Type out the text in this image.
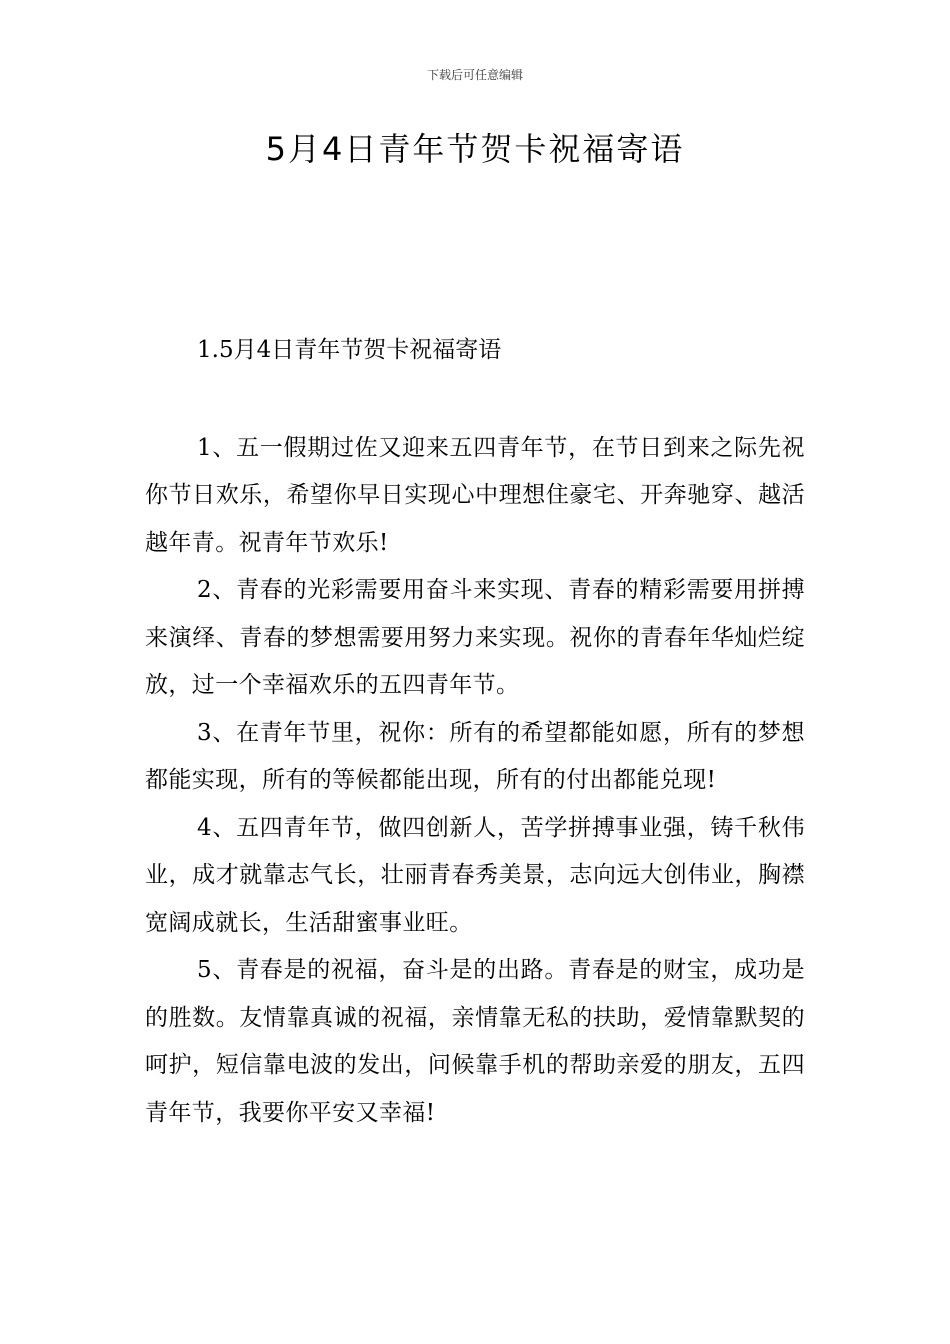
下载后可任意编辑
5月4日青年节贺卡祝福寄语
1.5月4日青年节贺卡祝福寄语

1、五一假期过佐又迎来五四青年节，在节日到来之际先祝你节日欢乐，希望你早日实现心中理想住豪宅、开奔驰穿、越活越年青。祝青年节欢乐!

2、青春的光彩需要用奋斗来实现、青春的精彩需要用拼搏来演绎、青春的梦想需要用努力来实现。祝你的青春年华灿烂绽放，过一个幸福欢乐的五四青年节。

3、在青年节里，祝你：所有的希望都能如愿，所有的梦想都能实现，所有的等候都能出现，所有的付出都能兑现!

4、五四青年节，做四创新人，苦学拼搏事业强，铸千秋伟业，成才就靠志气长，壮丽青春秀美景，志向远大创伟业，胸襟宽阔成就长，生活甜蜜事业旺。

5、青春是的祝福，奋斗是的出路。青春是的财宝，成功是的胜数。友情靠真诚的祝福，亲情靠无私的扶助，爱情靠默契的呵护，短信靠电波的发出，问候靠手机的帮助亲爱的朋友，五四青年节，我要你平安又幸福!
